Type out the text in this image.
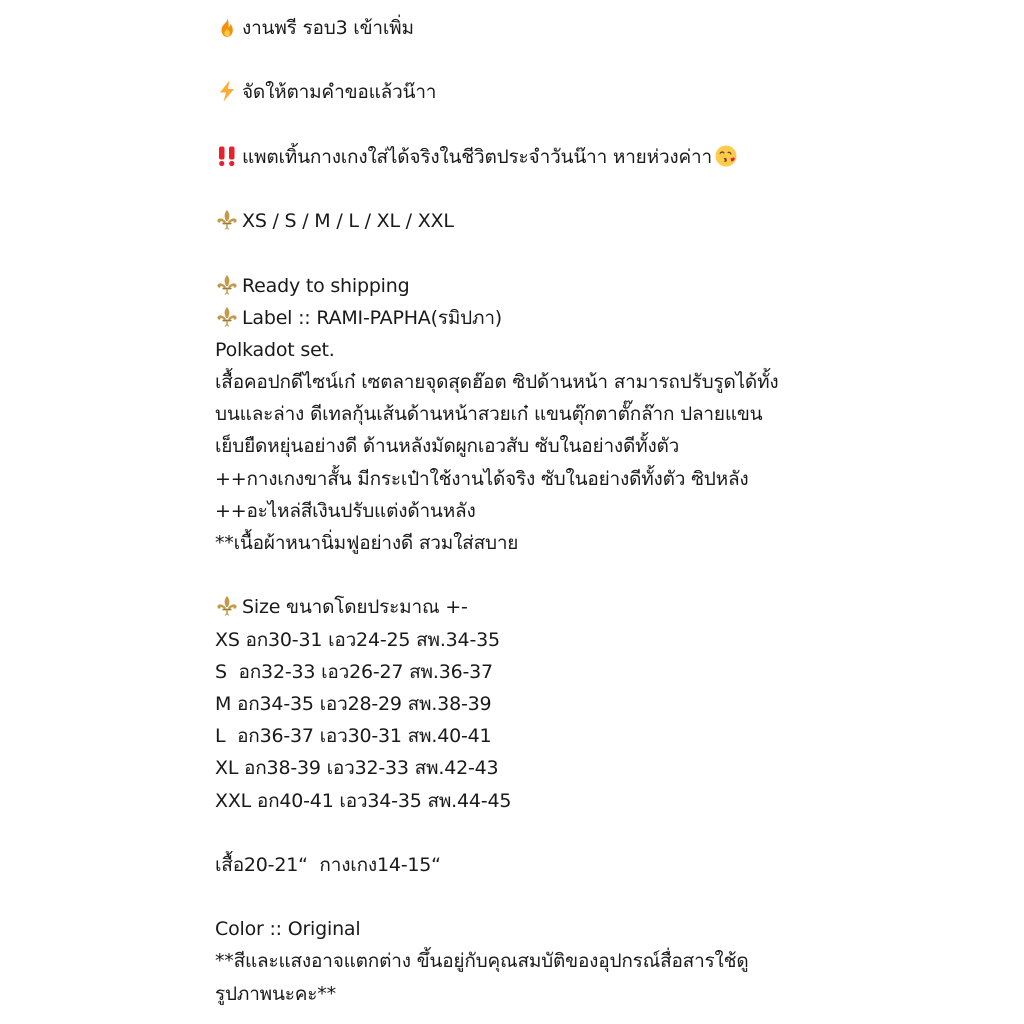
งานพรี รอบ3 เข้าเพิ่ม
จัดให้ตามคำขอแล้วน๊าา
แพตเทิ้นกางเกงใส่ได้จริงในชีวิตประจำวันน๊าา หายห่วงค่าา
XS / S / M / L / XL / XXL
Ready to shipping
Label :: RAMI-PAPHA(รมิปภา)
Polkadot set.
เสื้อคอปกดีไซน์เก๋ เซตลายจุดสุดฮ๊อต ซิปด้านหน้า สามารถปรับรูดได้ทั้ง
บนและล่าง ดีเทลกุ้นเส้นด้านหน้าสวยเก๋ แขนตุ๊กตาตั๊กล๊าก ปลายแขน
เย็บยืดหยุ่นอย่างดี ด้านหลังมัดผูกเอวสับ ซับในอย่างดีทั้งตัว
++กางเกงขาสั้น มีกระเป๋าใช้งานได้จริง ซับในอย่างดีทั้งตัว ซิปหลัง
++อะไหล่สีเงินปรับแต่งด้านหลัง
**เนื้อผ้าหนานิ่มฟูอย่างดี สวมใส่สบาย
Size ขนาดโดยประมาณ +-
XS อก30-31 เอว24-25 สพ.34-35
S  อก32-33 เอว26-27 สพ.36-37
M อก34-35 เอว28-29 สพ.38-39
L  อก36-37 เอว30-31 สพ.40-41
XL อก38-39 เอว32-33 สพ.42-43
XXL อก40-41 เอว34-35 สพ.44-45
เสื้อ20-21“  กางเกง14-15“
Color :: Original
**สีและแสงอาจแตกต่าง ขึ้นอยู่กับคุณสมบัติของอุปกรณ์สื่อสารใช้ดู
รูปภาพนะคะ**
